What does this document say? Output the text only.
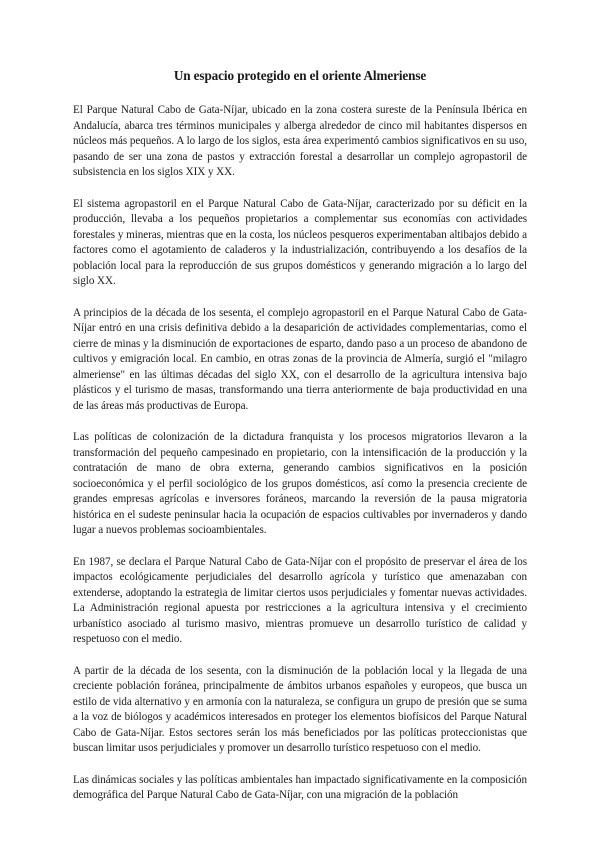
Un espacio protegido en el oriente Almeriense

El Parque Natural Cabo de Gata-Níjar, ubicado en la zona costera sureste de la Península Ibérica en Andalucía, abarca tres términos municipales y alberga alrededor de cinco mil habitantes dispersos en núcleos más pequeños. A lo largo de los siglos, esta área experimentó cambios significativos en su uso, pasando de ser una zona de pastos y extracción forestal a desarrollar un complejo agropastoril de subsistencia en los siglos XIX y XX.

El sistema agropastoril en el Parque Natural Cabo de Gata-Níjar, caracterizado por su déficit en la producción, llevaba a los pequeños propietarios a complementar sus economías con actividades forestales y mineras, mientras que en la costa, los núcleos pesqueros experimentaban altibajos debido a factores como el agotamiento de caladeros y la industrialización, contribuyendo a los desafíos de la población local para la reproducción de sus grupos domésticos y generando migración a lo largo del siglo XX.

A principios de la década de los sesenta, el complejo agropastoril en el Parque Natural Cabo de Gata-Níjar entró en una crisis definitiva debido a la desaparición de actividades complementarias, como el cierre de minas y la disminución de exportaciones de esparto, dando paso a un proceso de abandono de cultivos y emigración local. En cambio, en otras zonas de la provincia de Almería, surgió el "milagro almeriense" en las últimas décadas del siglo XX, con el desarrollo de la agricultura intensiva bajo plásticos y el turismo de masas, transformando una tierra anteriormente de baja productividad en una de las áreas más productivas de Europa.

Las políticas de colonización de la dictadura franquista y los procesos migratorios llevaron a la transformación del pequeño campesinado en propietario, con la intensificación de la producción y la contratación de mano de obra externa, generando cambios significativos en la posición socioeconómica y el perfil sociológico de los grupos domésticos, así como la presencia creciente de grandes empresas agrícolas e inversores foráneos, marcando la reversión de la pausa migratoria histórica en el sudeste peninsular hacia la ocupación de espacios cultivables por invernaderos y dando lugar a nuevos problemas socioambientales.

En 1987, se declara el Parque Natural Cabo de Gata-Níjar con el propósito de preservar el área de los impactos ecológicamente perjudiciales del desarrollo agrícola y turístico que amenazaban con extenderse, adoptando la estrategia de limitar ciertos usos perjudiciales y fomentar nuevas actividades. La Administración regional apuesta por restricciones a la agricultura intensiva y el crecimiento urbanístico asociado al turismo masivo, mientras promueve un desarrollo turístico de calidad y respetuoso con el medio.

A partir de la década de los sesenta, con la disminución de la población local y la llegada de una creciente población foránea, principalmente de ámbitos urbanos españoles y europeos, que busca un estilo de vida alternativo y en armonía con la naturaleza, se configura un grupo de presión que se suma a la voz de biólogos y académicos interesados en proteger los elementos biofísicos del Parque Natural Cabo de Gata-Níjar. Estos sectores serán los más beneficiados por las políticas proteccionistas que buscan limitar usos perjudiciales y promover un desarrollo turístico respetuoso con el medio.

Las dinámicas sociales y las políticas ambientales han impactado significativamente en la composición demográfica del Parque Natural Cabo de Gata-Níjar, con una migración de la población
